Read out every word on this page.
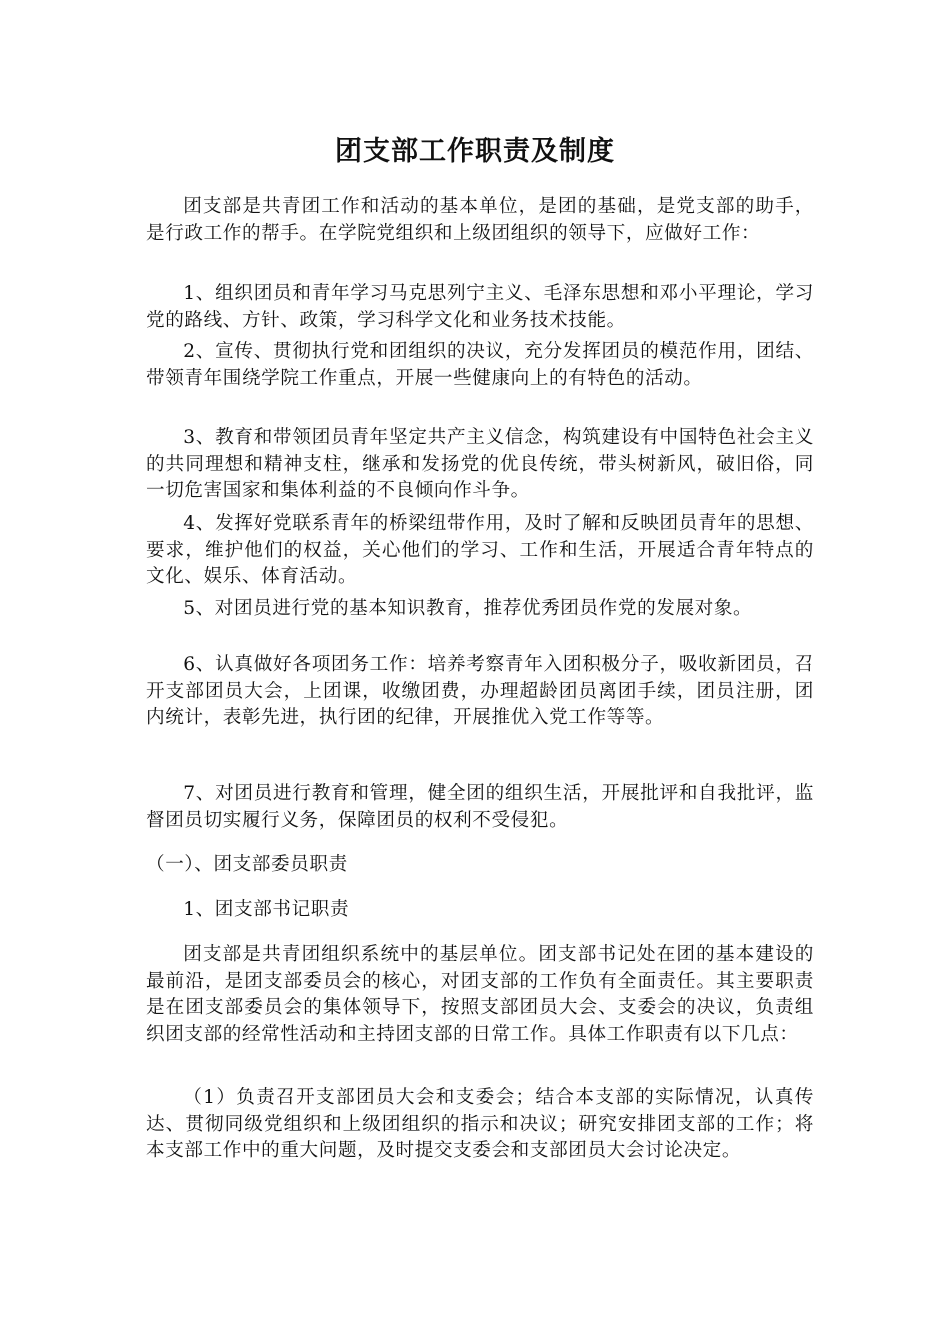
团支部工作职责及制度

团支部是共青团工作和活动的基本单位，是团的基础，是党支部的助手，是行政工作的帮手。在学院党组织和上级团组织的领导下，应做好工作：

1、组织团员和青年学习马克思列宁主义、毛泽东思想和邓小平理论，学习党的路线、方针、政策，学习科学文化和业务技术技能。

2、宣传、贯彻执行党和团组织的决议，充分发挥团员的模范作用，团结、带领青年围绕学院工作重点，开展一些健康向上的有特色的活动。

3、教育和带领团员青年坚定共产主义信念，构筑建设有中国特色社会主义的共同理想和精神支柱，继承和发扬党的优良传统，带头树新风，破旧俗，同一切危害国家和集体利益的不良倾向作斗争。

4、发挥好党联系青年的桥梁纽带作用，及时了解和反映团员青年的思想、要求，维护他们的权益，关心他们的学习、工作和生活，开展适合青年特点的文化、娱乐、体育活动。

5、对团员进行党的基本知识教育，推荐优秀团员作党的发展对象。

6、认真做好各项团务工作：培养考察青年入团积极分子，吸收新团员，召开支部团员大会，上团课，收缴团费，办理超龄团员离团手续，团员注册，团内统计，表彰先进，执行团的纪律，开展推优入党工作等等。

7、对团员进行教育和管理，健全团的组织生活，开展批评和自我批评，监督团员切实履行义务，保障团员的权利不受侵犯。

（一）、团支部委员职责

1、团支部书记职责

团支部是共青团组织系统中的基层单位。团支部书记处在团的基本建设的最前沿，是团支部委员会的核心，对团支部的工作负有全面责任。其主要职责是在团支部委员会的集体领导下，按照支部团员大会、支委会的决议，负责组织团支部的经常性活动和主持团支部的日常工作。具体工作职责有以下几点：

（1）负责召开支部团员大会和支委会；结合本支部的实际情况，认真传达、贯彻同级党组织和上级团组织的指示和决议；研究安排团支部的工作；将本支部工作中的重大问题，及时提交支委会和支部团员大会讨论决定。
